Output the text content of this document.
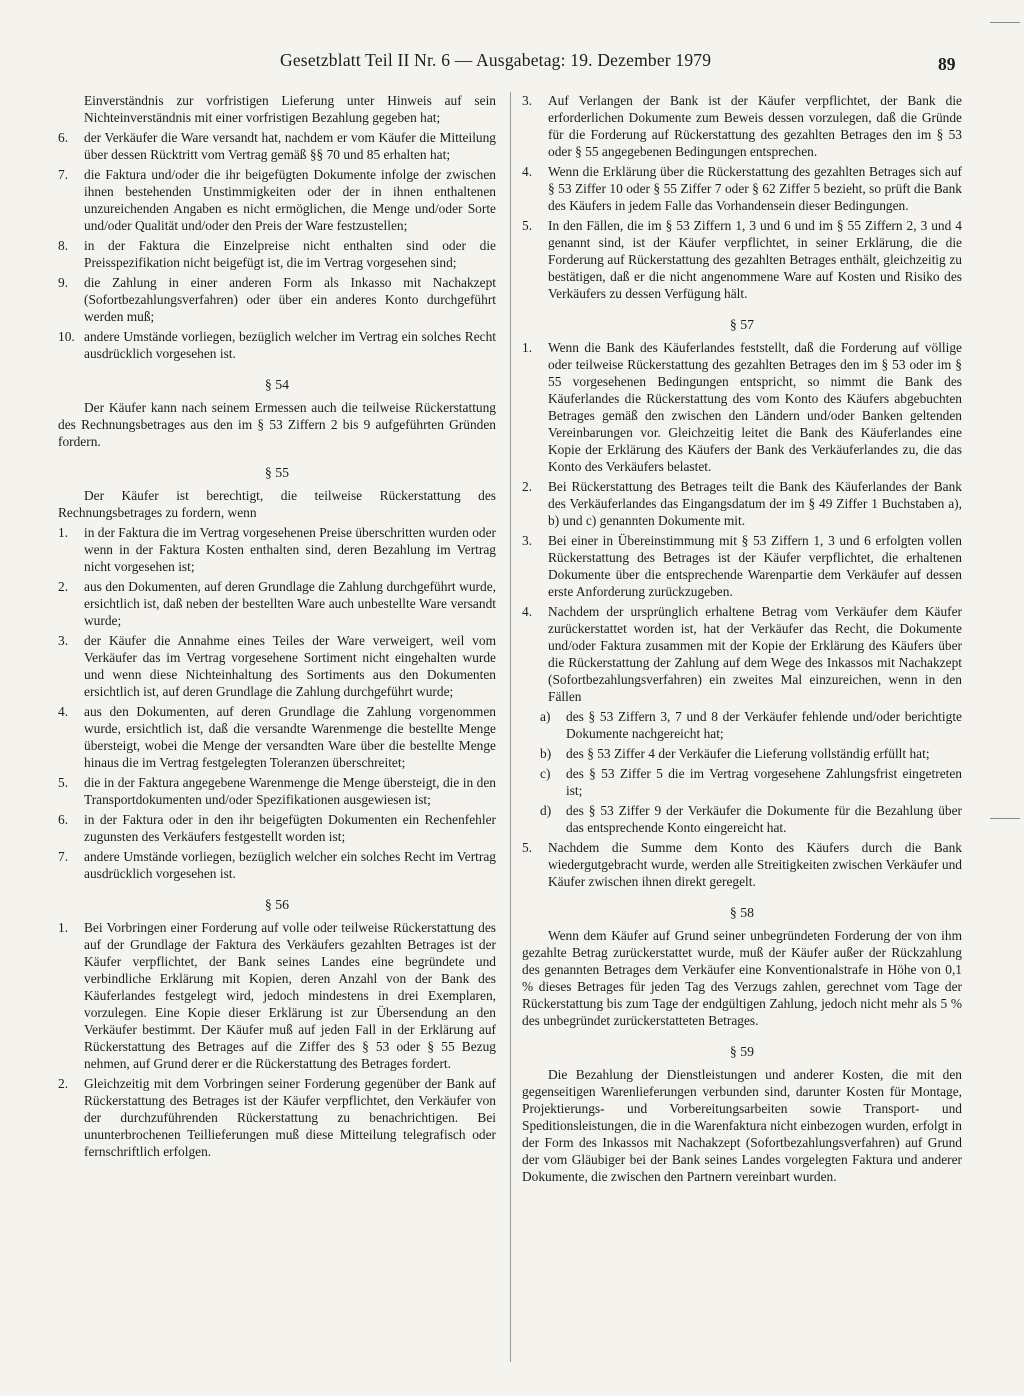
Gesetzblatt Teil II Nr. 6 — Ausgabetag: 19. Dezember 1979	89

Einverständnis zur vorfristigen Lieferung unter Hinweis auf sein Nichteinverständnis mit einer vorfristigen Bezahlung gegeben hat;

6. der Verkäufer die Ware versandt hat, nachdem er vom Käufer die Mitteilung über dessen Rücktritt vom Vertrag gemäß §§ 70 und 85 erhalten hat;
7. die Faktura und/oder die ihr beigefügten Dokumente infolge der zwischen ihnen bestehenden Unstimmigkeiten oder der in ihnen enthaltenen unzureichenden Angaben es nicht ermöglichen, die Menge und/oder Sorte und/oder Qualität und/oder den Preis der Ware festzustellen;
8. in der Faktura die Einzelpreise nicht enthalten sind oder die Preisspezifikation nicht beigefügt ist, die im Vertrag vorgesehen sind;
9. die Zahlung in einer anderen Form als Inkasso mit Nachakzept (Sofortbezahlungsverfahren) oder über ein anderes Konto durchgeführt werden muß;
10. andere Umstände vorliegen, bezüglich welcher im Vertrag ein solches Recht ausdrücklich vorgesehen ist.
§ 54

Der Käufer kann nach seinem Ermessen auch die teilweise Rückerstattung des Rechnungsbetrages aus den im § 53 Ziffern 2 bis 9 aufgeführten Gründen fordern.

§ 55

Der Käufer ist berechtigt, die teilweise Rückerstattung des Rechnungsbetrages zu fordern, wenn

1. in der Faktura die im Vertrag vorgesehenen Preise überschritten wurden oder wenn in der Faktura Kosten enthalten sind, deren Bezahlung im Vertrag nicht vorgesehen ist;
2. aus den Dokumenten, auf deren Grundlage die Zahlung durchgeführt wurde, ersichtlich ist, daß neben der bestellten Ware auch unbestellte Ware versandt wurde;
3. der Käufer die Annahme eines Teiles der Ware verweigert, weil vom Verkäufer das im Vertrag vorgesehene Sortiment nicht eingehalten wurde und wenn diese Nichteinhaltung des Sortiments aus den Dokumenten ersichtlich ist, auf deren Grundlage die Zahlung durchgeführt wurde;
4. aus den Dokumenten, auf deren Grundlage die Zahlung vorgenommen wurde, ersichtlich ist, daß die versandte Warenmenge die bestellte Menge übersteigt, wobei die Menge der versandten Ware über die bestellte Menge hinaus die im Vertrag festgelegten Toleranzen überschreitet;
5. die in der Faktura angegebene Warenmenge die Menge übersteigt, die in den Transportdokumenten und/oder Spezifikationen ausgewiesen ist;
6. in der Faktura oder in den ihr beigefügten Dokumenten ein Rechenfehler zugunsten des Verkäufers festgestellt worden ist;
7. andere Umstände vorliegen, bezüglich welcher ein solches Recht im Vertrag ausdrücklich vorgesehen ist.
§ 56
1. Bei Vorbringen einer Forderung auf volle oder teilweise Rückerstattung des auf der Grundlage der Faktura des Verkäufers gezahlten Betrages ist der Käufer verpflichtet, der Bank seines Landes eine begründete und verbindliche Erklärung mit Kopien, deren Anzahl von der Bank des Käuferlandes festgelegt wird, jedoch mindestens in drei Exemplaren, vorzulegen. Eine Kopie dieser Erklärung ist zur Übersendung an den Verkäufer bestimmt. Der Käufer muß auf jeden Fall in der Erklärung auf Rückerstattung des Betrages auf die Ziffer des § 53 oder § 55 Bezug nehmen, auf Grund derer er die Rückerstattung des Betrages fordert.
2. Gleichzeitig mit dem Vorbringen seiner Forderung gegenüber der Bank auf Rückerstattung des Betrages ist der Käufer verpflichtet, den Verkäufer von der durchzuführenden Rückerstattung zu benachrichtigen. Bei ununterbrochenen Teillieferungen muß diese Mitteilung telegrafisch oder fernschriftlich erfolgen.
3. Auf Verlangen der Bank ist der Käufer verpflichtet, der Bank die erforderlichen Dokumente zum Beweis dessen vorzulegen, daß die Gründe für die Forderung auf Rückerstattung des gezahlten Betrages den im § 53 oder § 55 angegebenen Bedingungen entsprechen.
4. Wenn die Erklärung über die Rückerstattung des gezahlten Betrages sich auf § 53 Ziffer 10 oder § 55 Ziffer 7 oder § 62 Ziffer 5 bezieht, so prüft die Bank des Käufers in jedem Falle das Vorhandensein dieser Bedingungen.
5. In den Fällen, die im § 53 Ziffern 1, 3 und 6 und im § 55 Ziffern 2, 3 und 4 genannt sind, ist der Käufer verpflichtet, in seiner Erklärung, die die Forderung auf Rückerstattung des gezahlten Betrages enthält, gleichzeitig zu bestätigen, daß er die nicht angenommene Ware auf Kosten und Risiko des Verkäufers zu dessen Verfügung hält.
§ 57
1. Wenn die Bank des Käuferlandes feststellt, daß die Forderung auf völlige oder teilweise Rückerstattung des gezahlten Betrages den im § 53 oder im § 55 vorgesehenen Bedingungen entspricht, so nimmt die Bank des Käuferlandes die Rückerstattung des vom Konto des Käufers abgebuchten Betrages gemäß den zwischen den Ländern und/oder Banken geltenden Vereinbarungen vor. Gleichzeitig leitet die Bank des Käuferlandes eine Kopie der Erklärung des Käufers der Bank des Verkäuferlandes zu, die das Konto des Verkäufers belastet.
2. Bei Rückerstattung des Betrages teilt die Bank des Käuferlandes der Bank des Verkäuferlandes das Eingangsdatum der im § 49 Ziffer 1 Buchstaben a), b) und c) genannten Dokumente mit.
3. Bei einer in Übereinstimmung mit § 53 Ziffern 1, 3 und 6 erfolgten vollen Rückerstattung des Betrages ist der Käufer verpflichtet, die erhaltenen Dokumente über die entsprechende Warenpartie dem Verkäufer auf dessen erste Anforderung zurückzugeben.
4. Nachdem der ursprünglich erhaltene Betrag vom Verkäufer dem Käufer zurückerstattet worden ist, hat der Verkäufer das Recht, die Dokumente und/oder Faktura zusammen mit der Kopie der Erklärung des Käufers über die Rückerstattung der Zahlung auf dem Wege des Inkassos mit Nachakzept (Sofortbezahlungsverfahren) ein zweites Mal einzureichen, wenn in den Fällen
a) des § 53 Ziffern 3, 7 und 8 der Verkäufer fehlende und/oder berichtigte Dokumente nachgereicht hat;
b) des § 53 Ziffer 4 der Verkäufer die Lieferung vollständig erfüllt hat;
c) des § 53 Ziffer 5 die im Vertrag vorgesehene Zahlungsfrist eingetreten ist;
d) des § 53 Ziffer 9 der Verkäufer die Dokumente für die Bezahlung über das entsprechende Konto eingereicht hat.
5. Nachdem die Summe dem Konto des Käufers durch die Bank wiedergutgebracht wurde, werden alle Streitigkeiten zwischen Verkäufer und Käufer zwischen ihnen direkt geregelt.
§ 58

Wenn dem Käufer auf Grund seiner unbegründeten Forderung der von ihm gezahlte Betrag zurückerstattet wurde, muß der Käufer außer der Rückzahlung des genannten Betrages dem Verkäufer eine Konventionalstrafe in Höhe von 0,1 % dieses Betrages für jeden Tag des Verzugs zahlen, gerechnet vom Tage der Rückerstattung bis zum Tage der endgültigen Zahlung, jedoch nicht mehr als 5 % des unbegründet zurückerstatteten Betrages.

§ 59

Die Bezahlung der Dienstleistungen und anderer Kosten, die mit den gegenseitigen Warenlieferungen verbunden sind, darunter Kosten für Montage, Projektierungs- und Vorbereitungsarbeiten sowie Transport- und Speditionsleistungen, die in die Warenfaktura nicht einbezogen wurden, erfolgt in der Form des Inkassos mit Nachakzept (Sofortbezahlungsverfahren) auf Grund der vom Gläubiger bei der Bank seines Landes vorgelegten Faktura und anderer Dokumente, die zwischen den Partnern vereinbart wurden.
